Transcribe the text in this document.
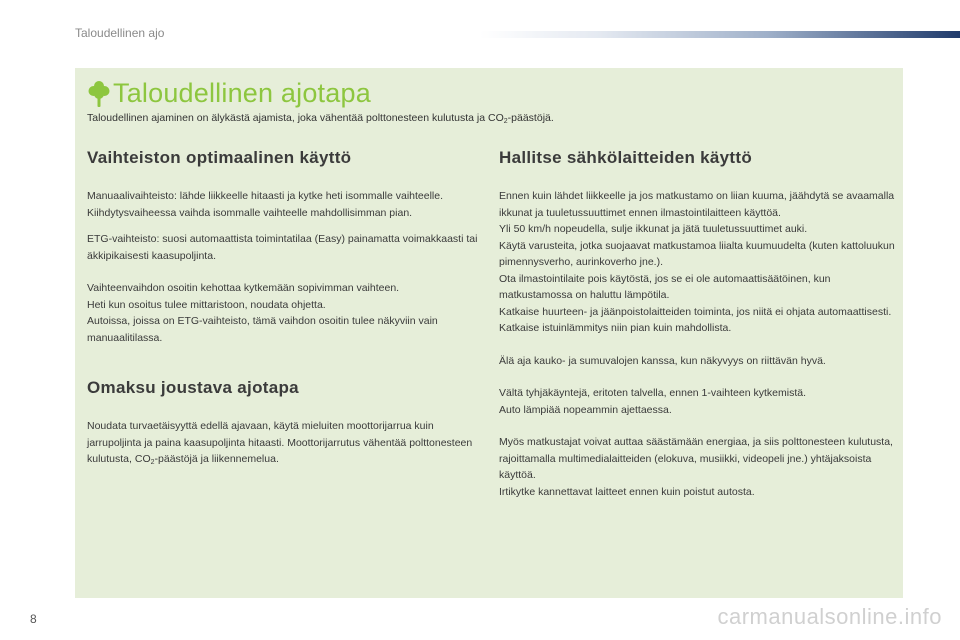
Taloudellinen ajo
Taloudellinen ajotapa
Taloudellinen ajaminen on älykästä ajamista, joka vähentää polttonesteen kulutusta ja $CO_2$-päästöjä.
Vaihteiston optimaalinen käyttö

Manuaalivaihteisto: lähde liikkeelle hitaasti ja kytke heti isommalle vaihteelle. Kiihdytysvaiheessa vaihda isommalle vaihteelle mahdollisimman pian.

ETG-vaihteisto: suosi automaattista toimintatilaa (Easy) painamatta voimakkaasti tai äkkipikaisesti kaasupoljinta.

Vaihteenvaihdon osoitin kehottaa kytkemään sopivimman vaihteen.

Heti kun osoitus tulee mittaristoon, noudata ohjetta.

Autoissa, joissa on ETG-vaihteisto, tämä vaihdon osoitin tulee näkyviin vain manuaalitilassa.

Omaksu joustava ajotapa

Noudata turvaetäisyyttä edellä ajavaan, käytä mieluiten moottorijarrua kuin jarrupoljinta ja paina kaasupoljinta hitaasti. Moottorijarrutus vähentää polttonesteen kulutusta, $CO_2$-päästöjä ja liikennemelua.

Hallitse sähkölaitteiden käyttö

Ennen kuin lähdet liikkeelle ja jos matkustamo on liian kuuma, jäähdytä se avaamalla ikkunat ja tuuletussuuttimet ennen ilmastointilaitteen käyttöä.

Yli 50 km/h nopeudella, sulje ikkunat ja jätä tuuletussuuttimet auki.

Käytä varusteita, jotka suojaavat matkustamoa liialta kuumuudelta (kuten kattoluukun pimennysverho, aurinkoverho jne.).

Ota ilmastointilaite pois käytöstä, jos se ei ole automaattisäätöinen, kun matkustamossa on haluttu lämpötila.

Katkaise huurteen- ja jäänpoistolaitteiden toiminta, jos niitä ei ohjata automaattisesti.

Katkaise istuinlämmitys niin pian kuin mahdollista.

Älä aja kauko- ja sumuvalojen kanssa, kun näkyvyys on riittävän hyvä.

Vältä tyhjäkäyntejä, eritoten talvella, ennen 1-vaihteen kytkemistä.

Auto lämpiää nopeammin ajettaessa.

Myös matkustajat voivat auttaa säästämään energiaa, ja siis polttonesteen kulutusta, rajoittamalla multimedialaitteiden (elokuva, musiikki, videopeli jne.) yhtäjaksoista käyttöä.

Irtikytke kannettavat laitteet ennen kuin poistut autosta.

8	carmanualsonline.info
